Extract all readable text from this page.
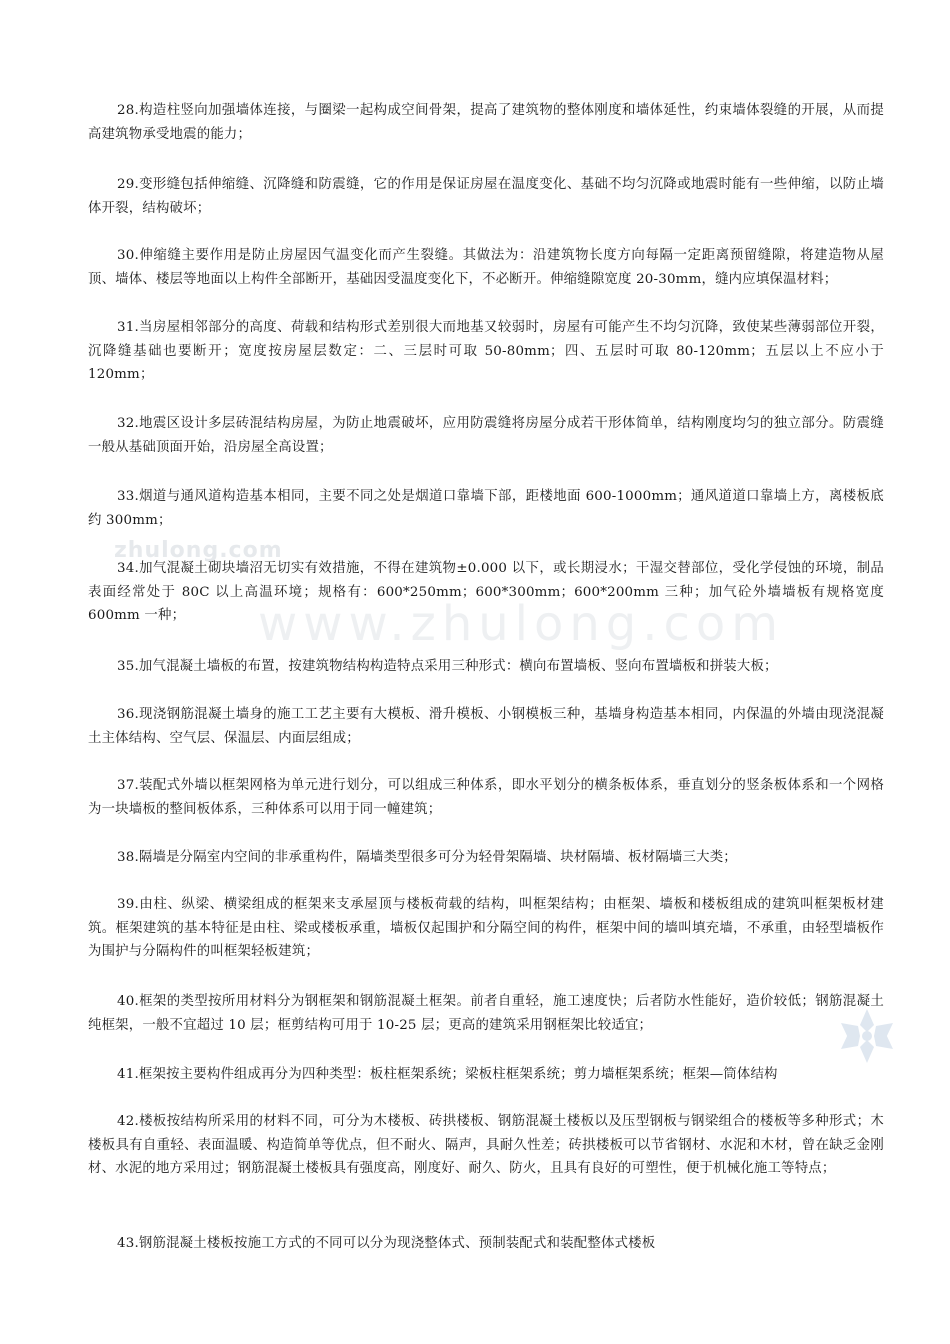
zhulong.com
www.zhulong.com

28.构造柱竖向加强墙体连接，与圈梁一起构成空间骨架，提高了建筑物的整体刚度和墙体延性，约束墙体裂缝的开展，从而提高建筑物承受地震的能力；

29.变形缝包括伸缩缝、沉降缝和防震缝，它的作用是保证房屋在温度变化、基础不均匀沉降或地震时能有一些伸缩，以防止墙体开裂，结构破坏；

30.伸缩缝主要作用是防止房屋因气温变化而产生裂缝。其做法为：沿建筑物长度方向每隔一定距离预留缝隙，将建造物从屋顶、墙体、楼层等地面以上构件全部断开，基础因受温度变化下，不必断开。伸缩缝隙宽度 20-30mm，缝内应填保温材料；

31.当房屋相邻部分的高度、荷载和结构形式差别很大而地基又较弱时，房屋有可能产生不均匀沉降，致使某些薄弱部位开裂，沉降缝基础也要断开；宽度按房屋层数定：二、三层时可取 50-80mm；四、五层时可取 80-120mm；五层以上不应小于 120mm；

32.地震区设计多层砖混结构房屋，为防止地震破坏，应用防震缝将房屋分成若干形体简单，结构刚度均匀的独立部分。防震缝一般从基础顶面开始，沿房屋全高设置；

33.烟道与通风道构造基本相同，主要不同之处是烟道口靠墙下部，距楼地面 600-1000mm；通风道道口靠墙上方，离楼板底约 300mm；

34.加气混凝土砌块墙沼无切实有效措施，不得在建筑物±0.000 以下，或长期浸水；干湿交替部位，受化学侵蚀的环境，制品表面经常处于 80C 以上高温环境；规格有：600*250mm；600*300mm；600*200mm 三种；加气砼外墙墙板有规格宽度 600mm 一种；

35.加气混凝土墙板的布置，按建筑物结构构造特点采用三种形式：横向布置墙板、竖向布置墙板和拼装大板；

36.现浇钢筋混凝土墙身的施工工艺主要有大模板、滑升模板、小钢模板三种，基墙身构造基本相同，内保温的外墙由现浇混凝土主体结构、空气层、保温层、内面层组成；

37.装配式外墙以框架网格为单元进行划分，可以组成三种体系，即水平划分的横条板体系，垂直划分的竖条板体系和一个网格为一块墙板的整间板体系，三种体系可以用于同一幢建筑；

38.隔墙是分隔室内空间的非承重构件，隔墙类型很多可分为轻骨架隔墙、块材隔墙、板材隔墙三大类；

39.由柱、纵梁、横梁组成的框架来支承屋顶与楼板荷载的结构，叫框架结构；由框架、墙板和楼板组成的建筑叫框架板材建筑。框架建筑的基本特征是由柱、梁或楼板承重，墙板仅起围护和分隔空间的构件，框架中间的墙叫填充墙，不承重，由轻型墙板作为围护与分隔构件的叫框架轻板建筑；

40.框架的类型按所用材料分为钢框架和钢筋混凝土框架。前者自重轻，施工速度快；后者防水性能好，造价较低；钢筋混凝土纯框架，一般不宜超过 10 层；框剪结构可用于 10-25 层；更高的建筑采用钢框架比较适宜；

41.框架按主要构件组成再分为四种类型：板柱框架系统；梁板柱框架系统；剪力墙框架系统；框架—筒体结构

42.楼板按结构所采用的材料不同，可分为木楼板、砖拱楼板、钢筋混凝土楼板以及压型钢板与钢梁组合的楼板等多种形式；木楼板具有自重轻、表面温暖、构造简单等优点，但不耐火、隔声，具耐久性差；砖拱楼板可以节省钢材、水泥和木材，曾在缺乏金刚材、水泥的地方采用过；钢筋混凝土楼板具有强度高，刚度好、耐久、防火，且具有良好的可塑性，便于机械化施工等特点；

43.钢筋混凝土楼板按施工方式的不同可以分为现浇整体式、预制装配式和装配整体式楼板
